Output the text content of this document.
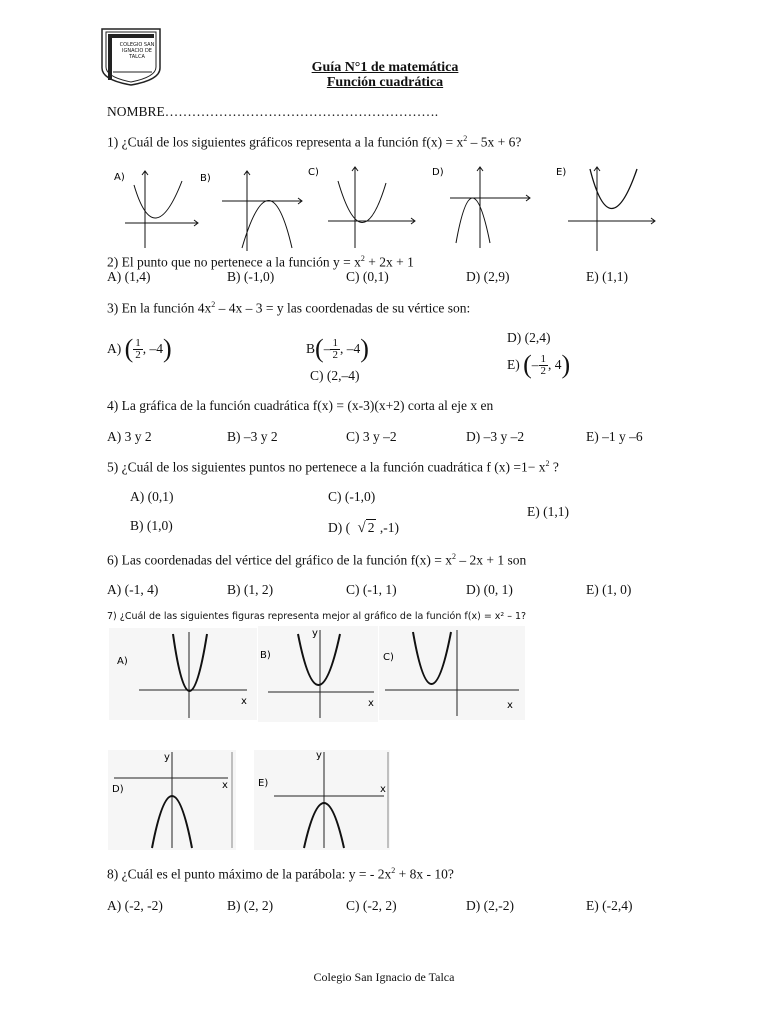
COLEGIO SAN IGNACIO DE TALCA
Guía N°1 de matemática
Función cuadrática
NOMBRE…………………………………………………….
1) ¿Cuál de los siguientes gráficos representa a la función $f(x) = x^2 - 5x + 6$?
A)	B)
C)	D)	E)
2) El punto que no pertenece a la función $y = x^2 + 2x + 1$
A) (1,4)	B) (-1,0)	C) (0,1)	D) (2,9)	E) (1,1)
3) En la función $4x^2 - 4x - 3 = y$ las coordenadas de su vértice son:
A)
( $\frac{1}{2}$ , –4 )	B ( – $\frac{1}{2}$ , –4 )
C) (2,–4)
D) (2,4)
E)
( – $\frac{1}{2}$ , 4 )
4) La gráfica de la función cuadrática f(x) = (x-3)(x+2) corta al eje x en
A) 3 y 2	B) –3 y 2	C) 3 y –2	D) –3 y –2	E) –1 y –6
5) ¿Cuál de los siguientes puntos no pertenece a la función cuadrática f $(x) =1- x^2$ ?
A) (0,1)
B) (1,0)
C) (-1,0)
D) ( √ 2 ,-1)
E) (1,1)
6) Las coordenadas del vértice del gráfico de la función $f(x) = x^2 - 2x + 1$ son
A) (-1, 4)	B) (1, 2)	C) (-1, 1)	D) (0, 1)	E) (1, 0)
7) ¿Cuál de las siguientes figuras representa mejor al gráfico de la función f(x) = x² – 1?
A)
x
B)
y
x
C)
x
D)
y
x	E)
y
x
8) ¿Cuál es el punto máximo de la parábola: y = - $2x^2 + 8x - 10$?
A) (-2, -2)	B) (2, 2)	C) (-2, 2)	D) (2,-2)	E) (-2,4)
Colegio San Ignacio de Talca
